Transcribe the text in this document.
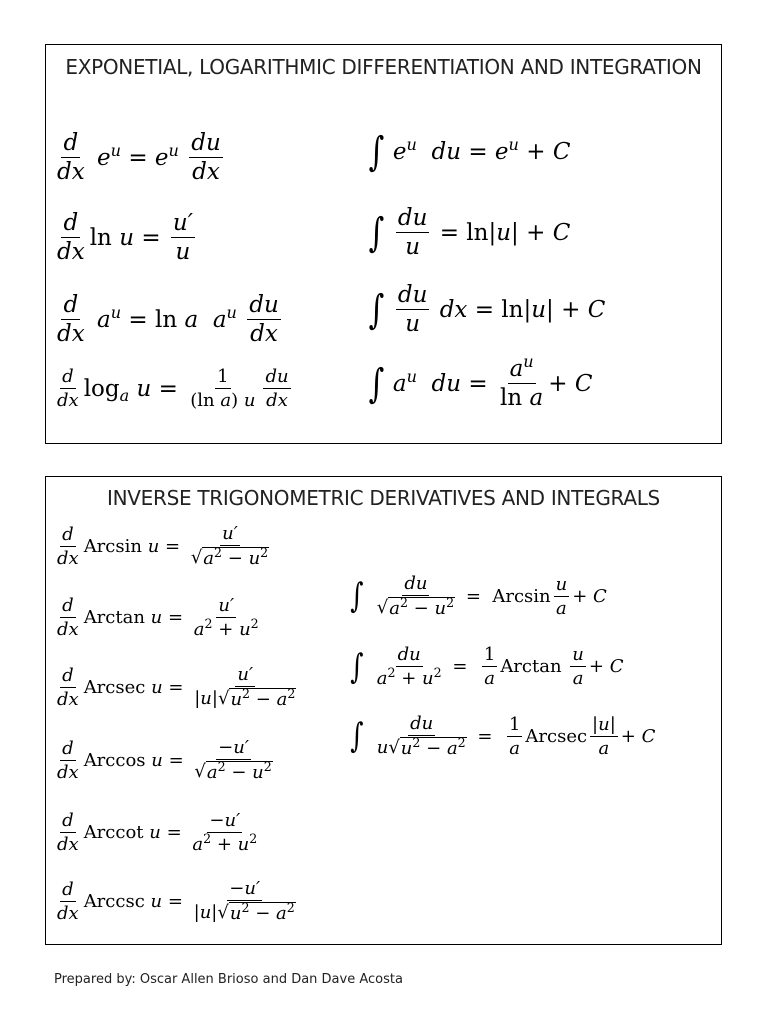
EXPONETIAL, LOGARITHMIC DIFFERENTIATION AND INTEGRATION
$\frac{d}{dx} e^u = e^u \frac{du}{dx}$
$\frac{d}{dx}$ $\ln u = \frac{u'}{u}$
$\frac{d}{dx} a^u = \ln a$ $a^u \frac{du}{dx}$
$\frac{d}{dx} \log_a u = \frac{1}{\text{(ln a) u}} \frac{du}{dx}$
∫ $e^u$  du = $e^u + C$
∫ $\frac{du}{u} = \ln|u| + C$
∫ $\frac{du}{u}$ dx = ln|u| + C
∫ $a^u$  du = $\frac{a^u}{\text{ln a}} + C$
INVERSE TRIGONOMETRIC DERIVATIVES AND INTEGRALS
$\frac{d}{dx}$ Arcsin $u = \frac{u'}{√ a^2 - u^2}$
$\frac{d}{dx}$ Arctan $u = \frac{u'}{a^2 + u^2}$
$\frac{d}{dx}$ Arcsec $u = \frac{u'}{|u| √ u^2 - a^2}$
$\frac{d}{dx}$ Arccos $u = \frac{-u'}{√ a^2 - u^2}$
$\frac{d}{dx}$ Arccot $u = \frac{-u'}{a^2 + u^2}$
$\frac{d}{dx}$ Arccsc $u = \frac{-u'}{|u| √ u^2 - a^2}$
∫ $\frac{du}{√ a^2 - u^2} = Arcsin \frac{u}{a} + C$
∫ $\frac{du}{a^2 + u^2} = \frac{1}{a}$ Arctan $\frac{u}{a} + C$
∫ $\frac{du}{u √ u^2 - a^2} = \frac{1}{a}$ Arcsec $\frac{|u|}{a} + C$
Prepared by: Oscar Allen Brioso and Dan Dave Acosta
